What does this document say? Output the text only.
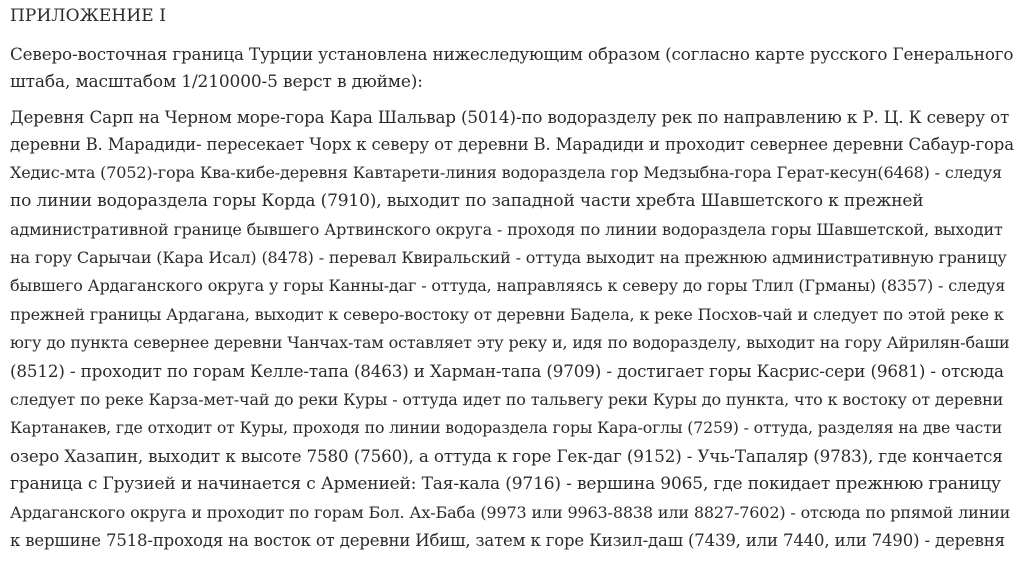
ПРИЛОЖЕНИЕ I
Северо-восточная граница Турции установлена нижеследующим образом (согласно карте русского Генерального
штаба, масштабом 1/210000-5 верст в дюйме):
Деревня Сарп на Черном море-гора Кара Шальвар (5014)-по водоразделу рек по направлению к Р. Ц. К северу от
деревни В. Марадиди- пересекает Чорх к северу от деревни В. Марадиди и проходит севернее деревни Сабаур-гора
Хедис-мта (7052)-гора Ква-кибе-деревня Кавтарети-линия водораздела гор Медзыбна-гора Герат-кесун(6468) - следуя
по линии водораздела горы Корда (7910), выходит по западной части хребта Шавшетского к прежней
административной границе бывшего Артвинского округа - проходя по линии водораздела горы Шавшетской, выходит
на гору Сарычаи (Кара Исал) (8478) - перевал Квиральский - оттуда выходит на прежнюю административную границу
бывшего Ардаганского округа у горы Канны-даг - оттуда, направляясь к северу до горы Тлил (Грманы) (8357) - следуя
прежней границы Ардагана, выходит к северо-востоку от деревни Бадела, к реке Посхов-чай и следует по этой реке к
югу до пункта севернее деревни Чанчах-там оставляет эту реку и, идя по водоразделу, выходит на гору Айрилян-баши
(8512) - проходит по горам Келле-тапа (8463) и Харман-тапа (9709) - достигает горы Касрис-сери (9681) - отсюда
следует по реке Карза-мет-чай до реки Куры - оттуда идет по тальвегу реки Куры до пункта, что к востоку от деревни
Картанакев, где отходит от Куры, проходя по линии водораздела горы Кара-оглы (7259) - оттуда, разделяя на две части
озеро Хазапин, выходит к высоте 7580 (7560), а оттуда к горе Гек-даг (9152) - Учь-Тапаляр (9783), где кончается
граница с Грузией и начинается с Арменией: Тая-кала (9716) - вершина 9065, где покидает прежнюю границу
Ардаганского округа и проходит по горам Бол. Ах-Баба (9973 или 9963-8838 или 8827-7602) - отсюда по рпямой линии
к вершине 7518-проходя на восток от деревни Ибиш, затем к горе Кизил-даш (7439, или 7440, или 7490) - деревня
